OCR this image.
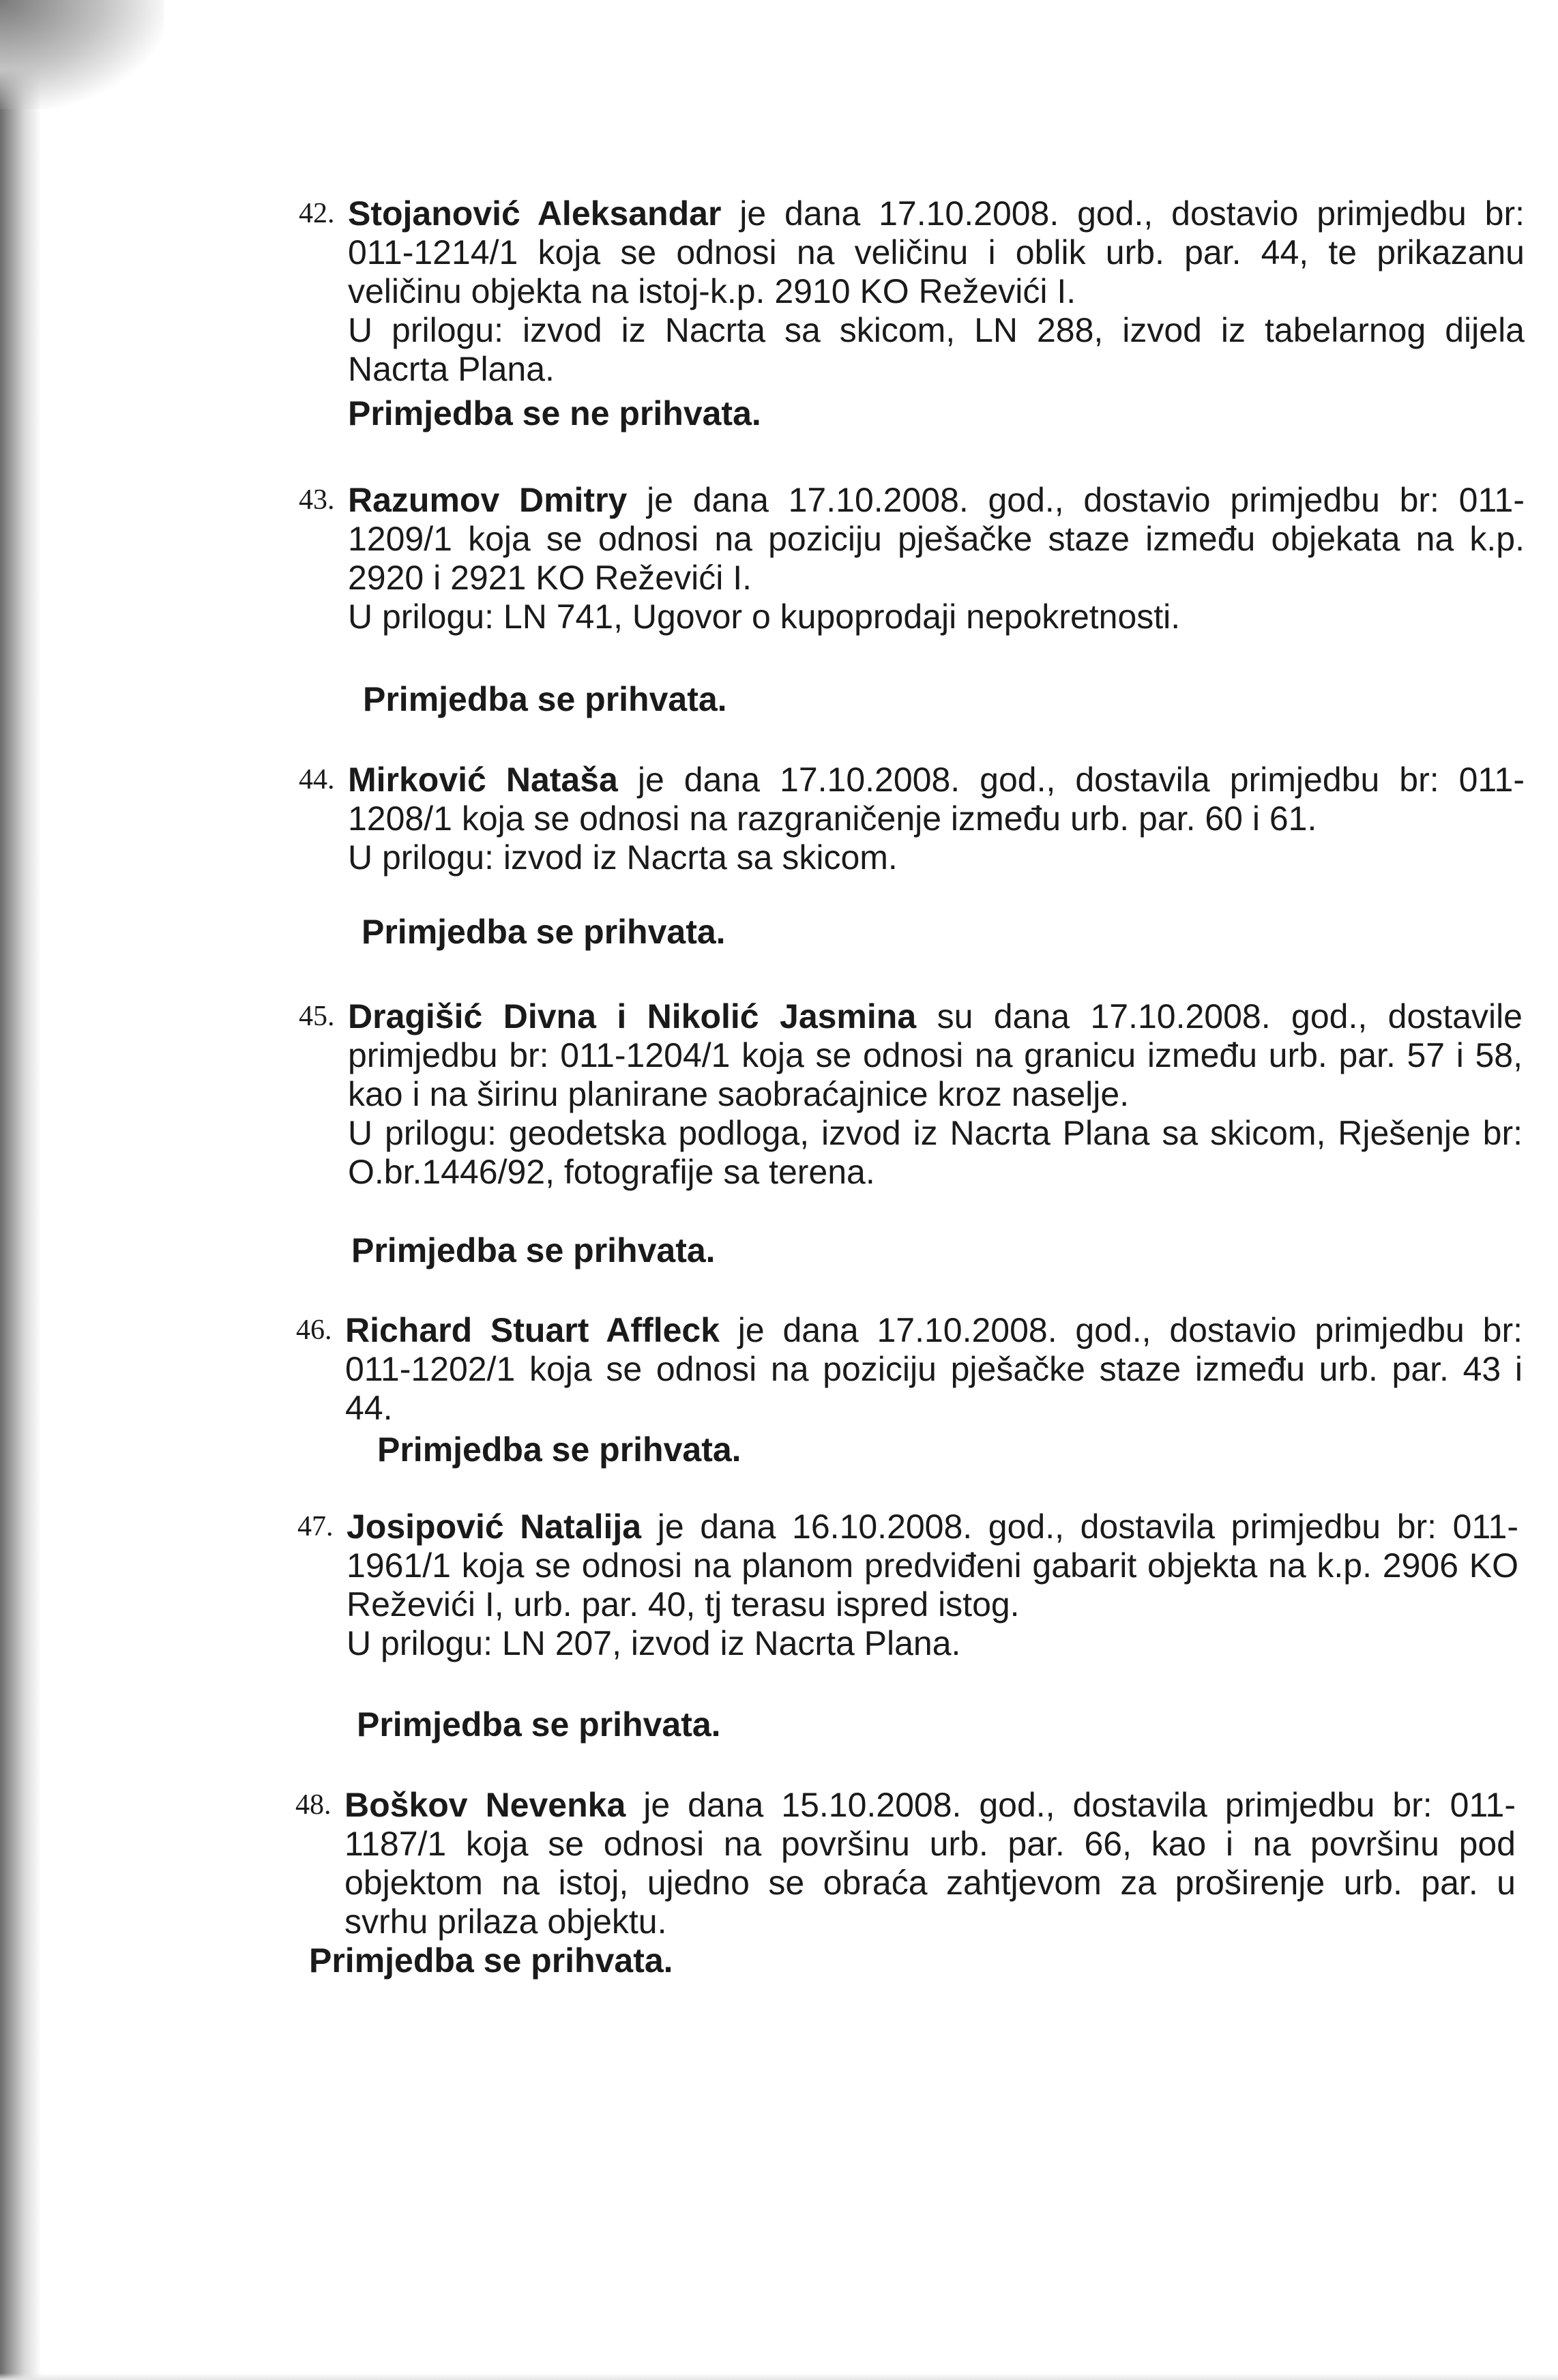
42. Stojanović Aleksandar je dana 17.10.2008. god., dostavio primjedbu br:
011-1214/1 koja se odnosi na veličinu i oblik urb. par. 44, te prikazanu
veličinu objekta na istoj-k.p. 2910 KO Reževići I.
U prilogu: izvod iz Nacrta sa skicom, LN 288, izvod iz tabelarnog dijela
Nacrta Plana.
Primjedba se ne prihvata.
43. Razumov Dmitry je dana 17.10.2008. god., dostavio primjedbu br: 011-
1209/1 koja se odnosi na poziciju pješačke staze između objekata na k.p.
2920 i 2921 KO Reževići I.
U prilogu: LN 741, Ugovor o kupoprodaji nepokretnosti.
Primjedba se prihvata.
44. Mirković Nataša je dana 17.10.2008. god., dostavila primjedbu br: 011-
1208/1 koja se odnosi na razgraničenje između urb. par. 60 i 61.
U prilogu: izvod iz Nacrta sa skicom.
Primjedba se prihvata.
45. Dragišić Divna i Nikolić Jasmina su dana 17.10.2008. god., dostavile
primjedbu br: 011-1204/1 koja se odnosi na granicu između urb. par. 57 i 58,
kao i na širinu planirane saobraćajnice kroz naselje.
U prilogu: geodetska podloga, izvod iz Nacrta Plana sa skicom, Rješenje br:
O.br.1446/92, fotografije sa terena.
Primjedba se prihvata.
46. Richard Stuart Affleck je dana 17.10.2008. god., dostavio primjedbu br:
011-1202/1 koja se odnosi na poziciju pješačke staze između urb. par. 43 i
44.
Primjedba se prihvata.
47. Josipović Natalija je dana 16.10.2008. god., dostavila primjedbu br: 011-
1961/1 koja se odnosi na planom predviđeni gabarit objekta na k.p. 2906 KO
Reževići I, urb. par. 40, tj terasu ispred istog.
U prilogu: LN 207, izvod iz Nacrta Plana.
Primjedba se prihvata.
48. Boškov Nevenka je dana 15.10.2008. god., dostavila primjedbu br: 011-
1187/1 koja se odnosi na površinu urb. par. 66, kao i na površinu pod
objektom na istoj, ujedno se obraća zahtjevom za proširenje urb. par. u
svrhu prilaza objektu.
Primjedba se prihvata.
